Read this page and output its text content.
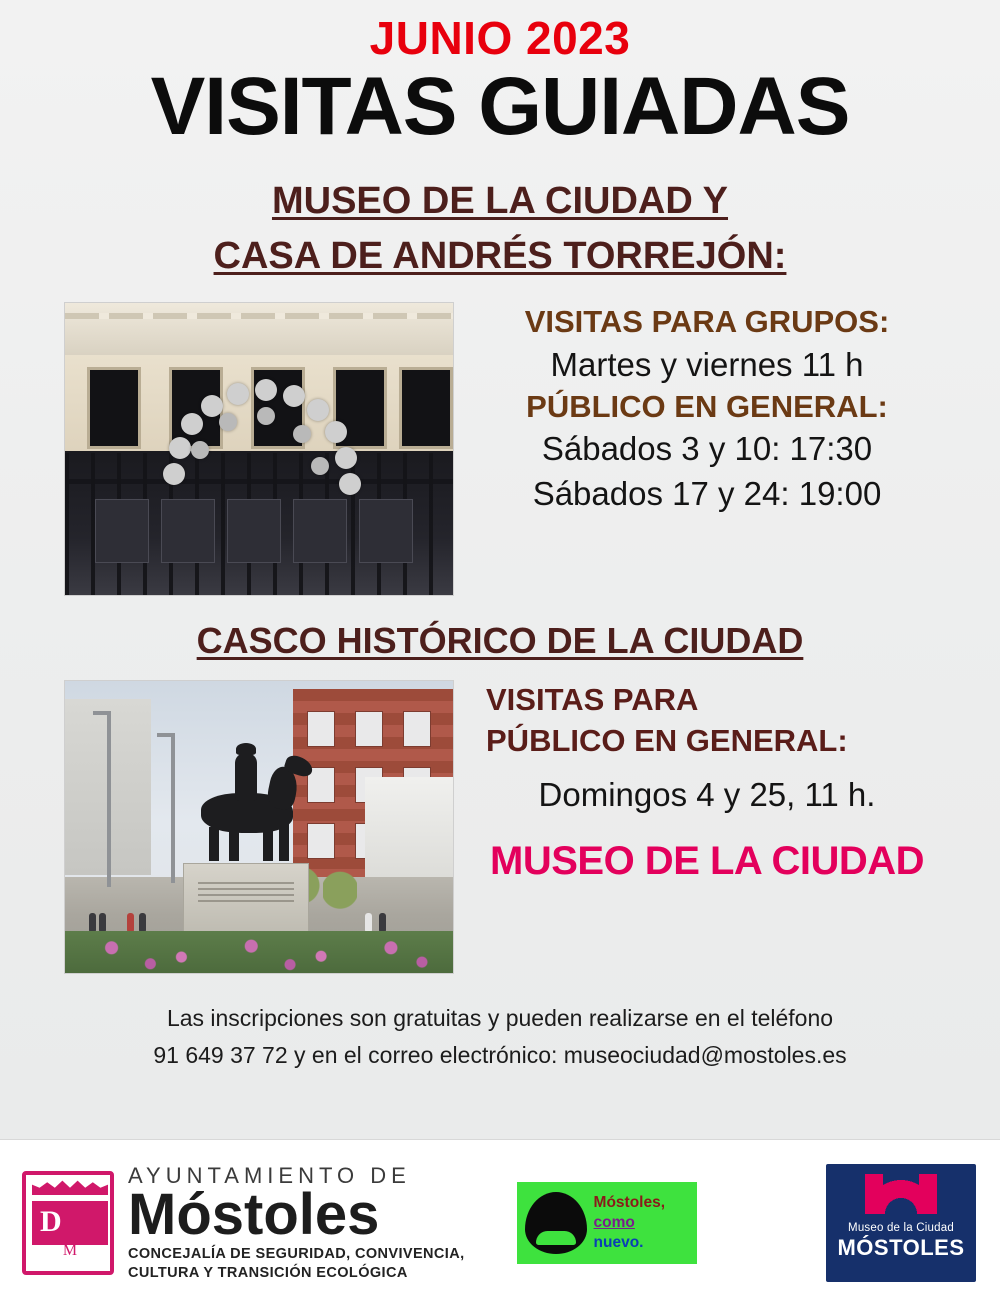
JUNIO 2023
VISITAS GUIADAS
MUSEO DE LA CIUDAD Y
CASA DE ANDRÉS TORREJÓN:
VISITAS PARA GRUPOS:
Martes y viernes 11 h
PÚBLICO EN GENERAL:
Sábados 3 y 10: 17:30
Sábados 17 y 24: 19:00
CASCO HISTÓRICO DE LA CIUDAD
VISITAS PARA
PÚBLICO EN GENERAL:
Domingos 4 y 25, 11 h.
MUSEO DE LA CIUDAD
Las inscripciones son gratuitas y pueden realizarse en el teléfono
91 649 37 72 y en el correo electrónico: museociudad@mostoles.es
D
M
AYUNTAMIENTO DE
Móstoles
CONCEJALÍA DE SEGURIDAD, CONVIVENCIA,
CULTURA Y TRANSICIÓN ECOLÓGICA
Móstoles,
como
nuevo.
Museo de la Ciudad
MÓSTOLES
